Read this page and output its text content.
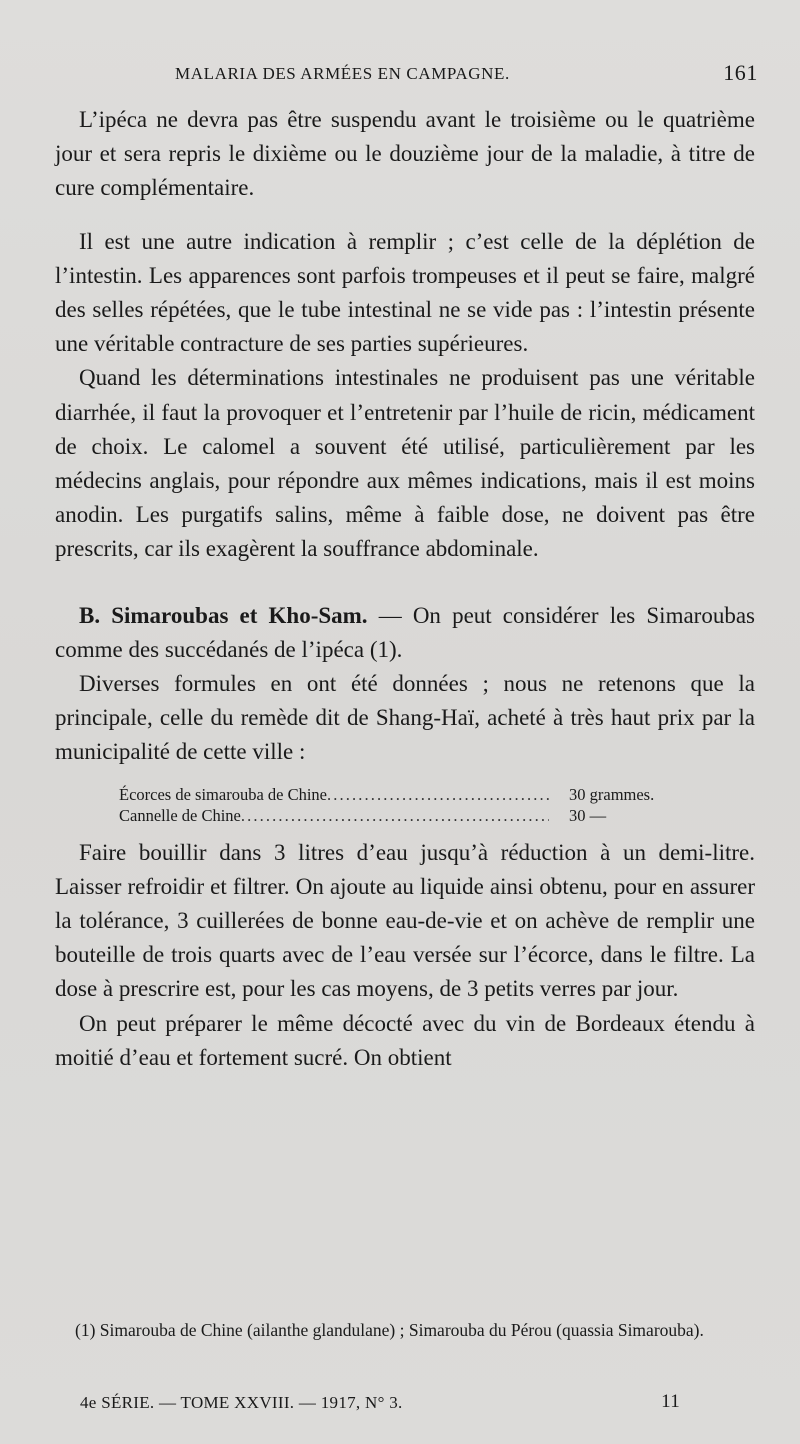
MALARIA DES ARMÉES EN CAMPAGNE.	161

L’ipéca ne devra pas être suspendu avant le troisième ou le quatrième jour et sera repris le dixième ou le douzième jour de la maladie, à titre de cure complémentaire.

Il est une autre indication à remplir ; c’est celle de la déplétion de l’intestin. Les apparences sont parfois trompeuses et il peut se faire, malgré des selles répétées, que le tube intestinal ne se vide pas : l’intestin présente une véritable contracture de ses parties supérieures.

Quand les déterminations intestinales ne produisent pas une véritable diarrhée, il faut la provoquer et l’entretenir par l’huile de ricin, médicament de choix. Le calomel a souvent été utilisé, particulièrement par les médecins anglais, pour répondre aux mêmes indications, mais il est moins anodin. Les purgatifs salins, même à faible dose, ne doivent pas être prescrits, car ils exagèrent la souffrance abdominale.

B. Simaroubas et Kho-Sam. — On peut considérer les Simaroubas comme des succédanés de l’ipéca (1).

Diverses formules en ont été données ; nous ne retenons que la principale, celle du remède dit de Shang-Haï, acheté à très haut prix par la municipalité de cette ville :

Écorces de simarouba de Chine . . .	30 grammes.
Cannelle de Chine . . .	30 —

Faire bouillir dans 3 litres d’eau jusqu’à réduction à un demi-litre. Laisser refroidir et filtrer. On ajoute au liquide ainsi obtenu, pour en assurer la tolérance, 3 cuillerées de bonne eau-de-vie et on achève de remplir une bouteille de trois quarts avec de l’eau versée sur l’écorce, dans le filtre. La dose à prescrire est, pour les cas moyens, de 3 petits verres par jour.

On peut préparer le même décocté avec du vin de Bordeaux étendu à moitié d’eau et fortement sucré. On obtient

(1) Simarouba de Chine (ailanthe glandulane) ; Simarouba du Pérou (quassia Simarouba).

4e SÉRIE. — TOME XXVIII. — 1917, N° 3.	11
